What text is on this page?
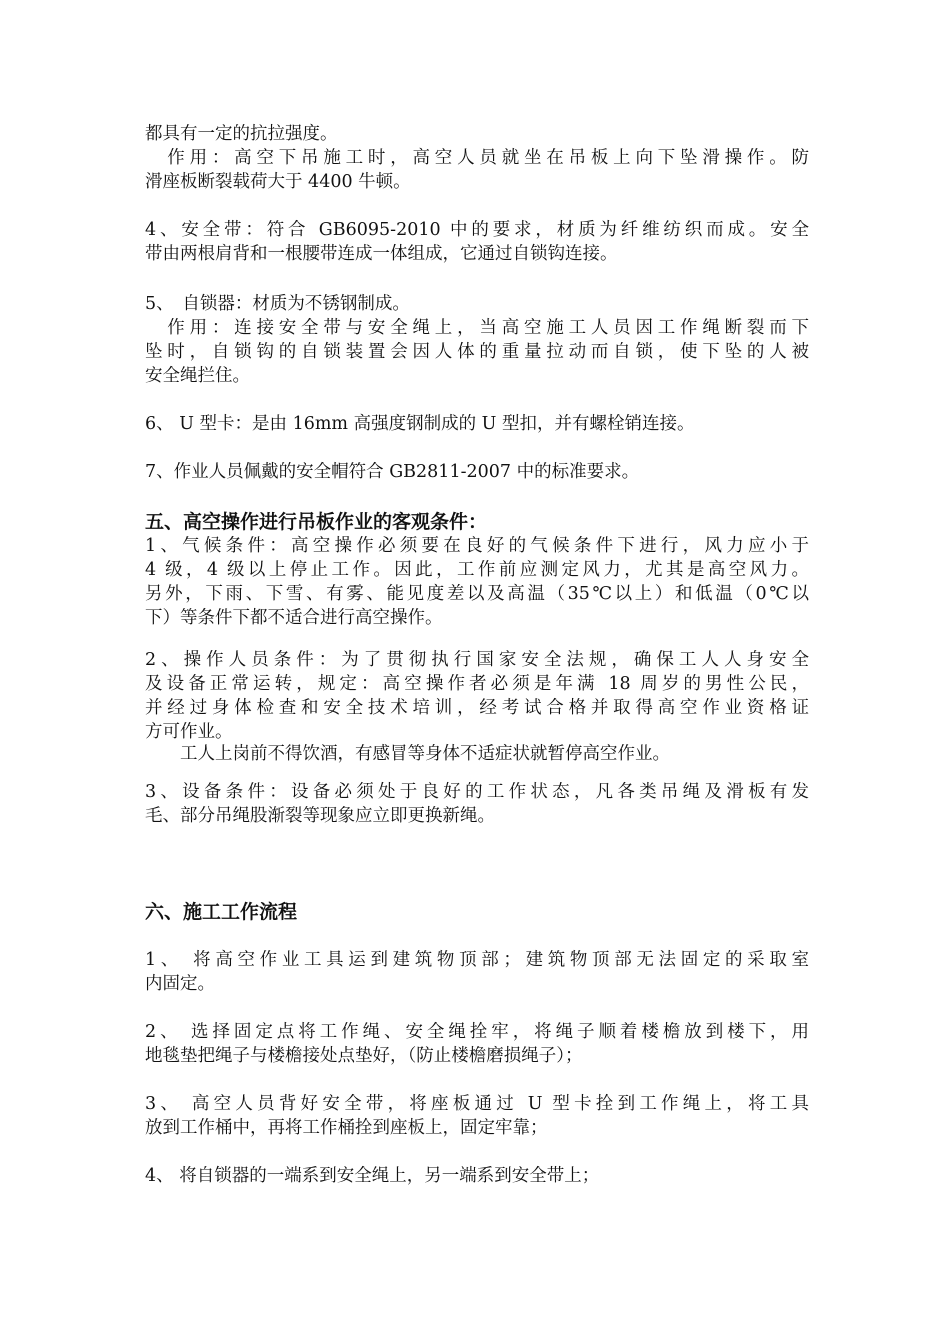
都具有一定的抗拉强度。

　作用：高空下吊施工时，高空人员就坐在吊板上向下坠滑操作。防

滑座板断裂载荷大于 4400 牛顿。

4、安全带：符合 GB6095-2010 中的要求，材质为纤维纺织而成。安全

带由两根肩背和一根腰带连成一体组成，它通过自锁钩连接。

5、　自锁器：材质为不锈钢制成。

　作用：连接安全带与安全绳上，当高空施工人员因工作绳断裂而下

坠时，自锁钩的自锁装置会因人体的重量拉动而自锁，使下坠的人被

安全绳拦住。

6、 U 型卡：是由 16mm 高强度钢制成的 U 型扣，并有螺栓销连接。

7、作业人员佩戴的安全帽符合 GB2811-2007 中的标准要求。

五、高空操作进行吊板作业的客观条件：

1、气候条件：高空操作必须要在良好的气候条件下进行，风力应小于

4 级，4 级以上停止工作。因此，工作前应测定风力，尤其是高空风力。

另外，下雨、下雪、有雾、能见度差以及高温（35℃以上）和低温（0℃以

下）等条件下都不适合进行高空操作。

2、操作人员条件：为了贯彻执行国家安全法规，确保工人人身安全

及设备正常运转，规定：高空操作者必须是年满 18 周岁的男性公民，

并经过身体检查和安全技术培训，经考试合格并取得高空作业资格证

方可作业。

　　工人上岗前不得饮酒，有感冒等身体不适症状就暂停高空作业。

3、设备条件：设备必须处于良好的工作状态，凡各类吊绳及滑板有发

毛、部分吊绳股渐裂等现象应立即更换新绳。

六、施工工作流程

1、 将高空作业工具运到建筑物顶部；建筑物顶部无法固定的采取室

内固定。

2、 选择固定点将工作绳、安全绳拴牢，将绳子顺着楼檐放到楼下，用

地毯垫把绳子与楼檐接处点垫好，（防止楼檐磨损绳子）；

3、 高空人员背好安全带，将座板通过 U 型卡拴到工作绳上，将工具

放到工作桶中，再将工作桶拴到座板上，固定牢靠；

4、 将自锁器的一端系到安全绳上，另一端系到安全带上；
